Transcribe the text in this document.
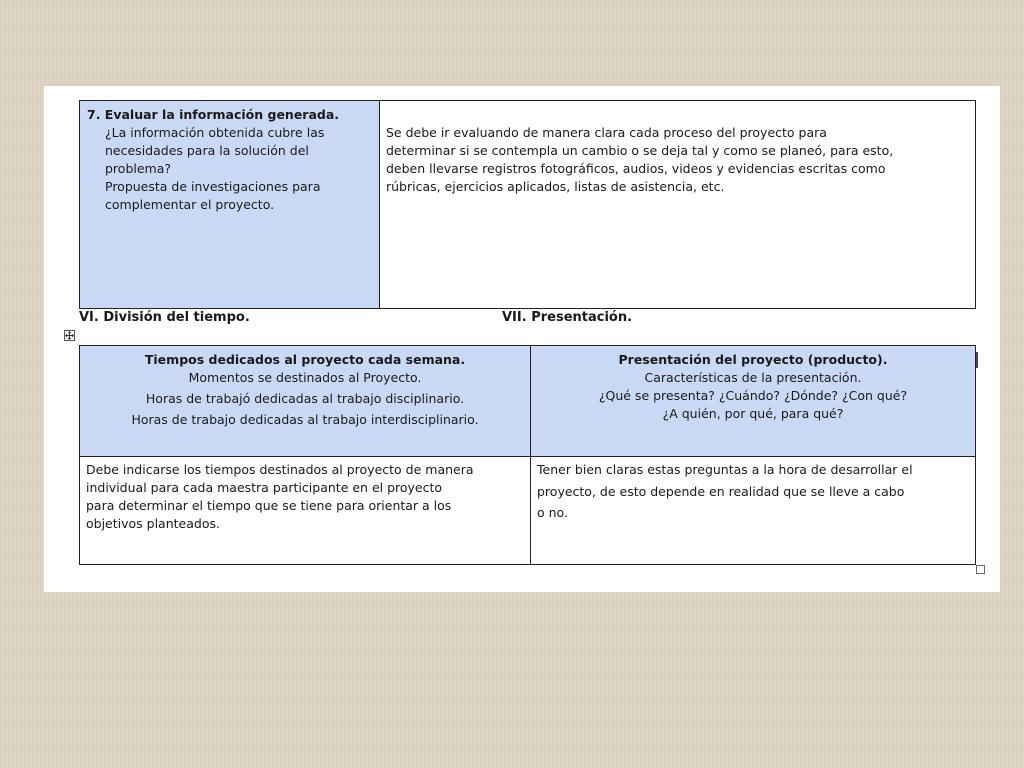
7. Evaluar la información generada.
¿La información obtenida cubre las
necesidades para la solución del
problema?
Propuesta de investigaciones para
complementar el proyecto.
Se debe ir evaluando de manera clara cada proceso del proyecto para
determinar si se contempla un cambio o se deja tal y como se planeó, para esto,
deben llevarse registros fotográficos, audios, videos y evidencias escritas como
rúbricas, ejercicios aplicados, listas de asistencia, etc.
VI. División del tiempo.	VII. Presentación.
Tiempos dedicados al proyecto cada semana.
Momentos se destinados al Proyecto.
Horas de trabajó dedicadas al trabajo disciplinario.
Horas de trabajo dedicadas al trabajo interdisciplinario.
Presentación del proyecto (producto).
Características de la presentación.
¿Qué se presenta? ¿Cuándo? ¿Dónde? ¿Con qué?
¿A quién, por qué, para qué?
Debe indicarse los tiempos destinados al proyecto de manera
individual para cada maestra participante en el proyecto
para determinar el tiempo que se tiene para orientar a los
objetivos planteados.
Tener bien claras estas preguntas a la hora de desarrollar el
proyecto, de esto depende en realidad que se lleve a cabo
o no.
